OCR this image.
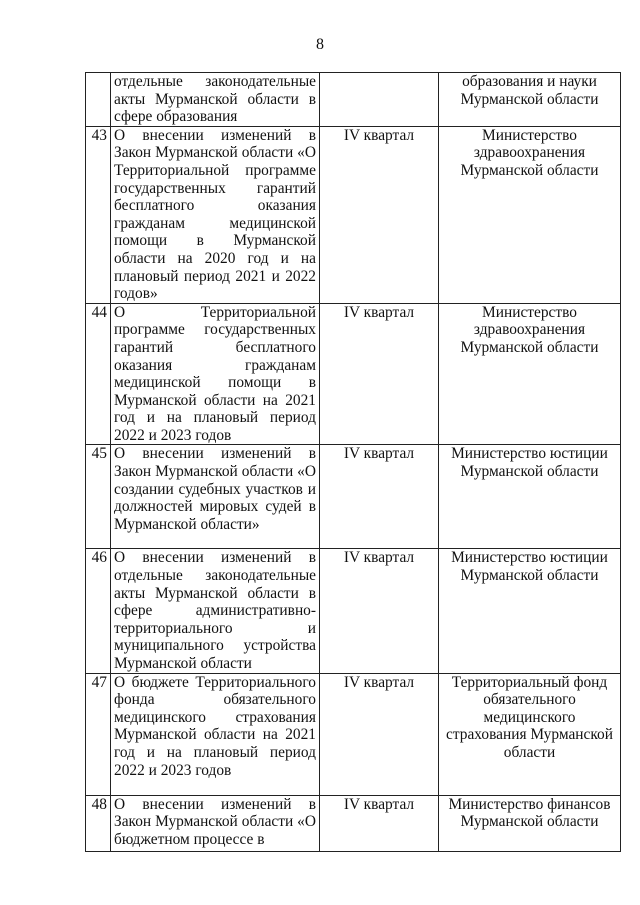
8
	отдельные законодательные акты Мурманской области в сфере образования		образования и науки Мурманской области
43	О внесении изменений в Закон Мурманской области «О Территориальной программе государственных гарантий бесплатного оказания гражданам медицинской помощи в Мурманской области на 2020 год и на плановый период 2021 и 2022 годов»	IV квартал	Министерство здравоохранения Мурманской области
44	О Территориальной программе государственных гарантий бесплатного оказания гражданам медицинской помощи в Мурманской области на 2021 год и на плановый период 2022 и 2023 годов	IV квартал	Министерство здравоохранения Мурманской области
45	О внесении изменений в Закон Мурманской области «О создании судебных участков и должностей мировых судей в Мурманской области»	IV квартал	Министерство юстиции Мурманской области
46	О внесении изменений в отдельные законодательные акты Мурманской области в сфере административно-территориального и муниципального устройства Мурманской области	IV квартал	Министерство юстиции Мурманской области
47	О бюджете Территориального фонда обязательного медицинского страхования Мурманской области на 2021 год и на плановый период 2022 и 2023 годов	IV квартал	Территориальный фонд обязательного медицинского страхования Мурманской области
48	О внесении изменений в Закон Мурманской области «О бюджетном процессе в	IV квартал	Министерство финансов Мурманской области
